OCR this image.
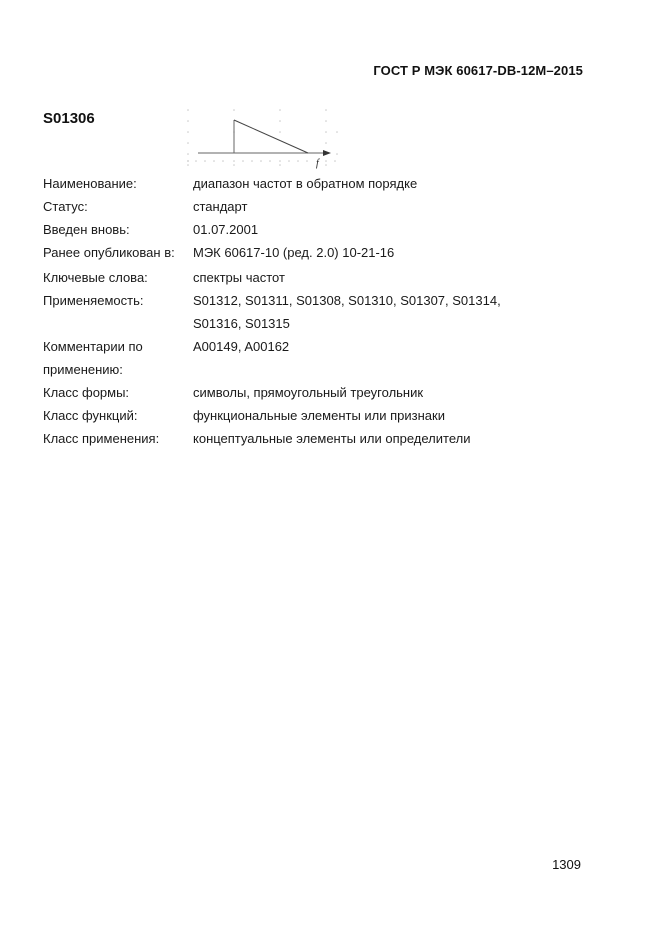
ГОСТ Р МЭК 60617-DB-12M–2015
S01306
f
Наименование:	диапазон частот в обратном порядке
Статус:	стандарт
Введен вновь:	01.07.2001
Ранее опубликован в:	МЭК 60617-10 (ред. 2.0) 10-21-16
Ключевые слова:	спектры частот
Применяемость:	S01312, S01311, S01308, S01310, S01307, S01314,
S01316, S01315
Комментарии по
применению:
A00149, A00162
Класс формы:	символы, прямоугольный треугольник
Класс функций:	функциональные элементы или признаки
Класс применения:	концептуальные элементы или определители
1309
